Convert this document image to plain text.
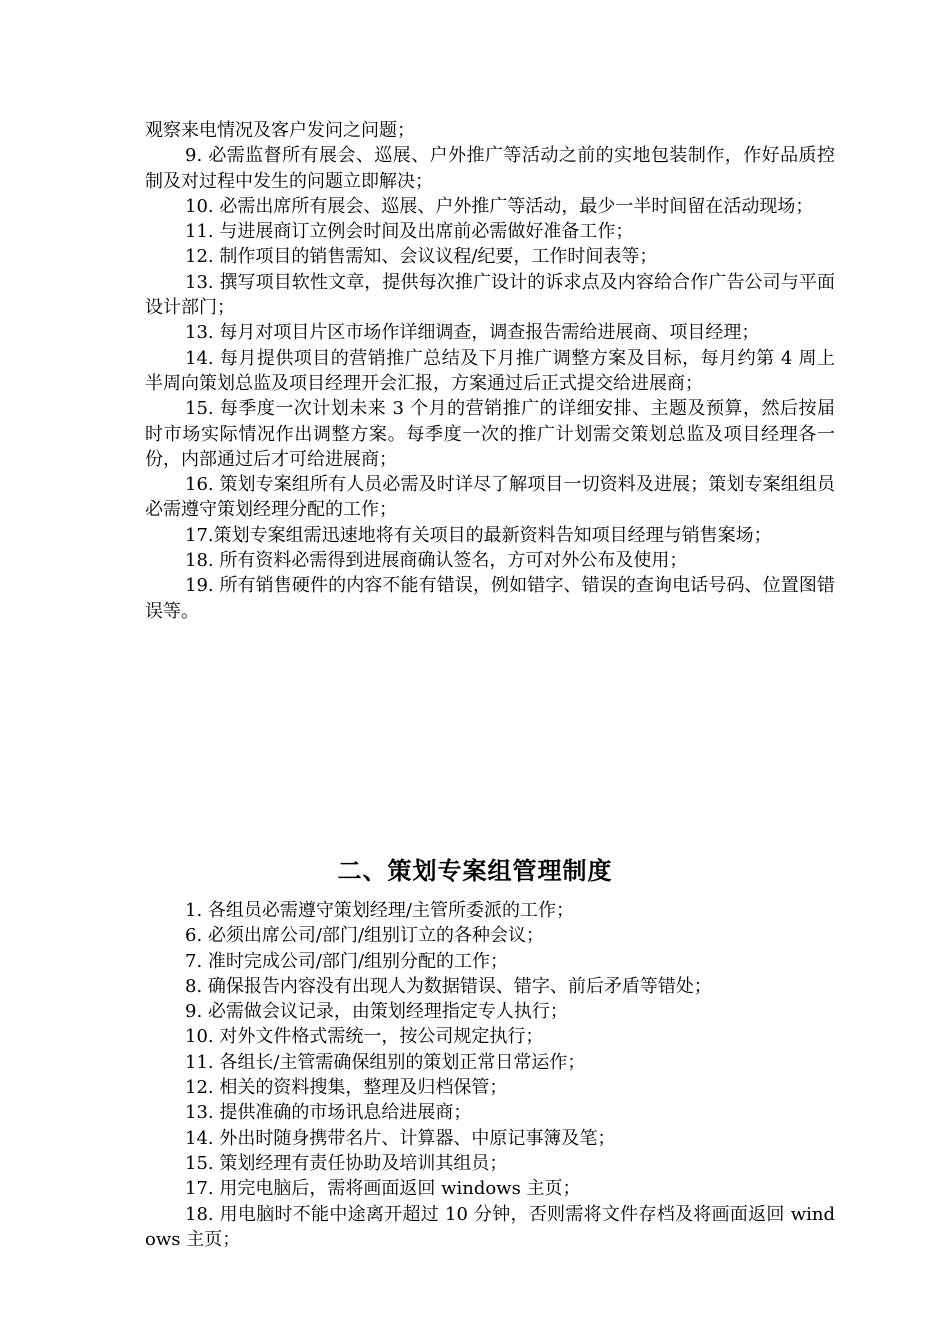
观察来电情况及客户发问之问题；

9. 必需监督所有展会、巡展、户外推广等活动之前的实地包装制作，作好品质控制及对过程中发生的问题立即解决；

10. 必需出席所有展会、巡展、户外推广等活动，最少一半时间留在活动现场；

11. 与进展商订立例会时间及出席前必需做好准备工作；

12. 制作项目的销售需知、会议议程/纪要，工作时间表等；

13. 撰写项目软性文章，提供每次推广设计的诉求点及内容给合作广告公司与平面设计部门；

13. 每月对项目片区市场作详细调查，调查报告需给进展商、项目经理；

14. 每月提供项目的营销推广总结及下月推广调整方案及目标，每月约第 4 周上半周向策划总监及项目经理开会汇报，方案通过后正式提交给进展商；

15. 每季度一次计划未来 3 个月的营销推广的详细安排、主题及预算，然后按届时市场实际情况作出调整方案。每季度一次的推广计划需交策划总监及项目经理各一份，内部通过后才可给进展商；

16. 策划专案组所有人员必需及时详尽了解项目一切资料及进展；策划专案组组员必需遵守策划经理分配的工作；

17.策划专案组需迅速地将有关项目的最新资料告知项目经理与销售案场；

18. 所有资料必需得到进展商确认签名，方可对外公布及使用；

19. 所有销售硬件的内容不能有错误，例如错字、错误的查询电话号码、位置图错误等。

二、策划专案组管理制度

1. 各组员必需遵守策划经理/主管所委派的工作；

6. 必须出席公司/部门/组别订立的各种会议；

7. 准时完成公司/部门/组别分配的工作；

8. 确保报告内容没有出现人为数据错误、错字、前后矛盾等错处；

9. 必需做会议记录，由策划经理指定专人执行；

10. 对外文件格式需统一，按公司规定执行；

11. 各组长/主管需确保组别的策划正常日常运作；

12. 相关的资料搜集，整理及归档保管；

13. 提供准确的市场讯息给进展商；

14. 外出时随身携带名片、计算器、中原记事簿及笔；

15. 策划经理有责任协助及培训其组员；

17. 用完电脑后，需将画面返回 windows 主页；

18. 用电脑时不能中途离开超过 10 分钟，否则需将文件存档及将画面返回 windows 主页；
